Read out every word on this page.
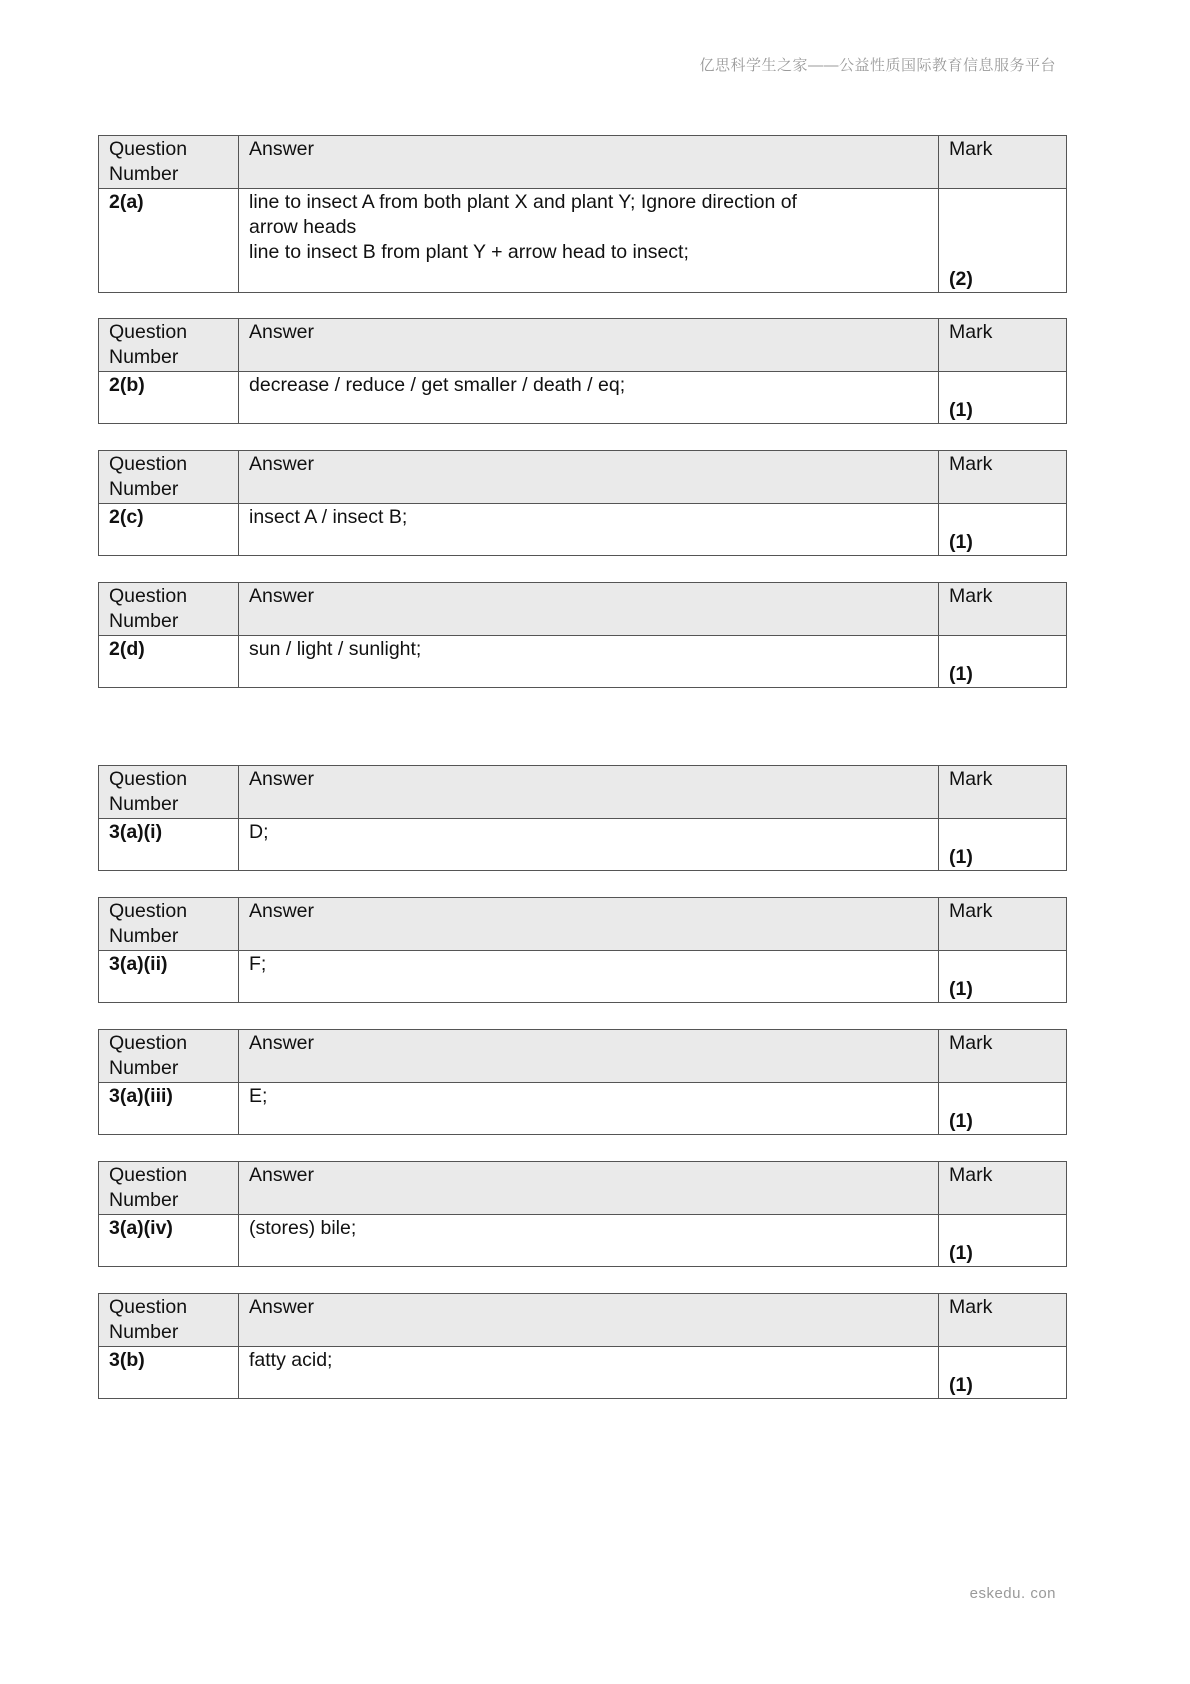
亿思科学生之家——公益性质国际教育信息服务平台
Question Number	Answer	Mark
2(a)	line to insect A from both plant X and plant Y; Ignore direction of
arrow heads
line to insect B from plant Y + arrow head to insect;	(2)
Question Number	Answer	Mark
2(b)	decrease / reduce / get smaller / death / eq;	(1)
Question Number	Answer	Mark
2(c)	insect A / insect B;	(1)
Question Number	Answer	Mark
2(d)	sun / light / sunlight;	(1)
Question Number	Answer	Mark
3(a)(i)	D;	(1)
Question Number	Answer	Mark
3(a)(ii)	F;	(1)
Question Number	Answer	Mark
3(a)(iii)	E;	(1)
Question Number	Answer	Mark
3(a)(iv)	(stores) bile;	(1)
Question Number	Answer	Mark
3(b)	fatty acid;	(1)
eskedu. con
